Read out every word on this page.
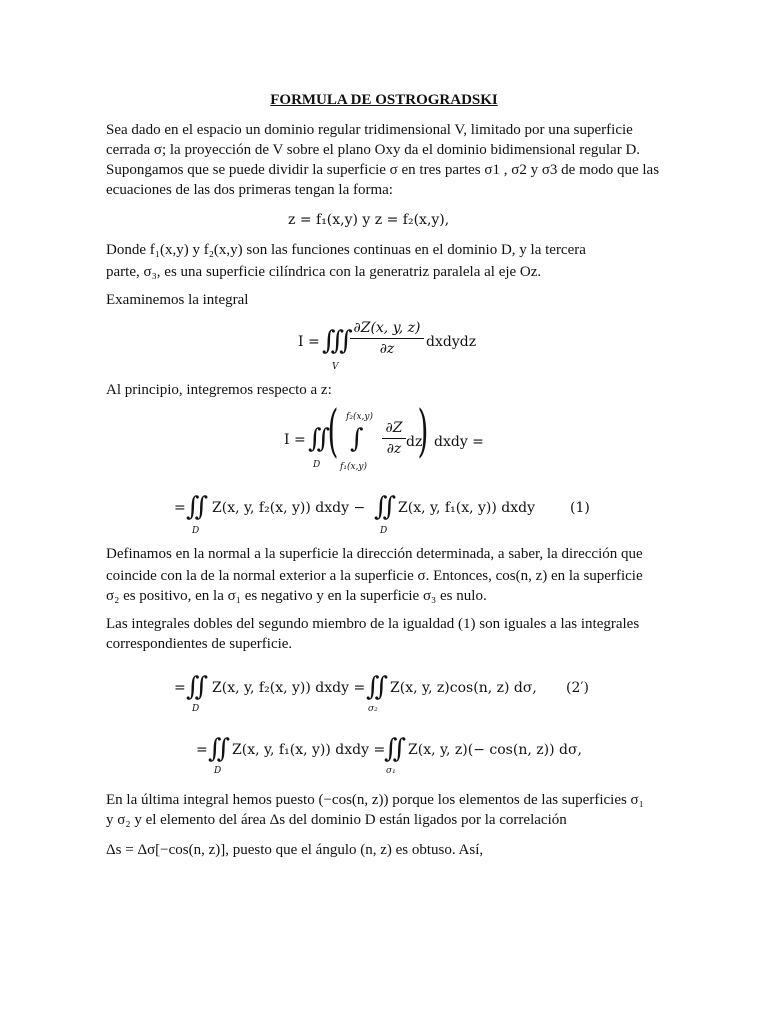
FORMULA DE OSTROGRADSKI
Sea dado en el espacio un dominio regular tridimensional V, limitado por una superficie
cerrada σ; la proyección de V sobre el plano Oxy da el dominio bidimensional regular D.
Supongamos que se puede dividir la superficie σ en tres partes σ1 , σ2 y σ3 de modo que las
ecuaciones de las dos primeras tengan la forma:
z = f₁(x,y) y z = f₂(x,y),
Donde f₁(x,y) y f₂(x,y) son las funciones continuas en el dominio D, y la tercera
parte, σ₃, es una superficie cilíndrica con la generatriz paralela al eje Oz.
Examinemos la integral
I = ∭
V
∂Z(x, y, z)
∂z	dxdydz
Al principio, integremos respecto a z:
I = ∬
D
( f₂(x,y)
∫
f₁(x,y)
∂Z
∂z dz
) dxdy =
= ∬
D
Z(x, y, f₂(x, y)) dxdy − ∬
D
Z(x, y, f₁(x, y)) dxdy	(1)
Definamos en la normal a la superficie la dirección determinada, a saber, la dirección que
coincide con la de la normal exterior a la superficie σ. Entonces, cos(n, z) en la superficie
σ₂ es positivo, en la σ₁ es negativo y en la superficie σ₃ es nulo.
Las integrales dobles del segundo miembro de la igualdad (1) son iguales a las integrales
correspondientes de superficie.
= ∬
D
Z(x, y, f₂(x, y)) dxdy = ∬
σ₂
Z(x, y, z)cos(n, z) dσ, (2′)
= ∬
D
Z(x, y, f₁(x, y)) dxdy =
∬
σ₁
Z(x, y, z)(− cos(n, z)) dσ,
En la última integral hemos puesto (−cos(n, z)) porque los elementos de las superficies σ₁
y σ₂ y el elemento del área Δs del dominio D están ligados por la correlación
Δs = Δσ[−cos(n, z)], puesto que el ángulo (n, z) es obtuso. Así,
